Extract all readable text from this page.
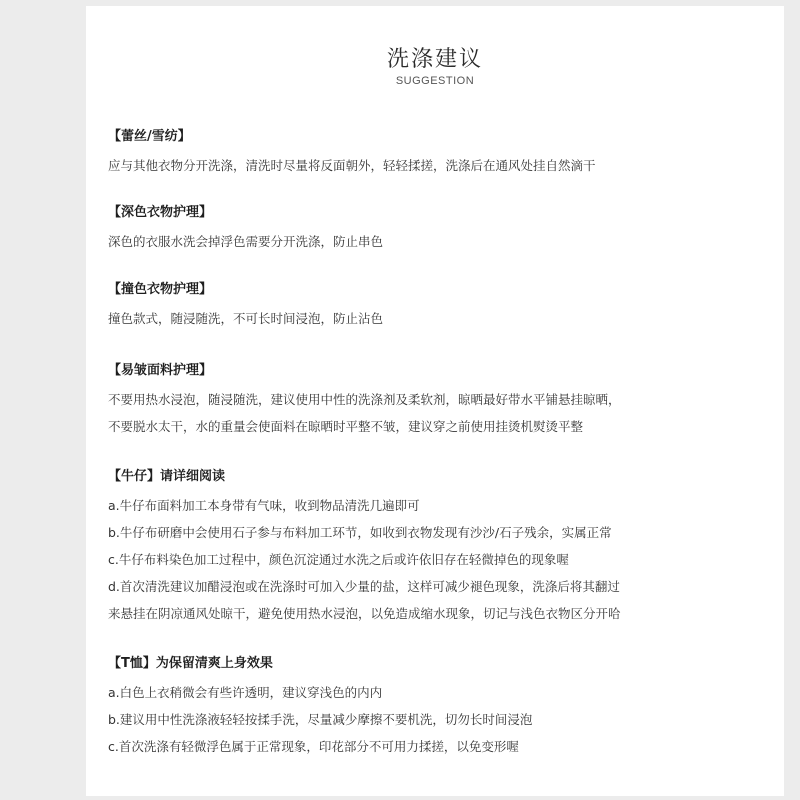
洗涤建议
SUGGESTION
【蕾丝/雪纺】
应与其他衣物分开洗涤，清洗时尽量将反面朝外，轻轻揉搓，洗涤后在通风处挂自然滴干
【深色衣物护理】
深色的衣服水洗会掉浮色需要分开洗涤，防止串色
【撞色衣物护理】
撞色款式，随浸随洗，不可长时间浸泡，防止沾色
【易皱面料护理】
不要用热水浸泡，随浸随洗，建议使用中性的洗涤剂及柔软剂，晾晒最好带水平铺悬挂晾晒，
不要脱水太干，水的重量会使面料在晾晒时平整不皱，建议穿之前使用挂烫机熨烫平整
【牛仔】请详细阅读
a.牛仔布面料加工本身带有气味，收到物品清洗几遍即可
b.牛仔布研磨中会使用石子参与布料加工环节，如收到衣物发现有沙沙/石子残余，实属正常
c.牛仔布料染色加工过程中，颜色沉淀通过水洗之后或许依旧存在轻微掉色的现象喔
d.首次清洗建议加醋浸泡或在洗涤时可加入少量的盐，这样可减少褪色现象，洗涤后将其翻过
来悬挂在阴凉通风处晾干，避免使用热水浸泡，以免造成缩水现象，切记与浅色衣物区分开哈
【T恤】为保留清爽上身效果
a.白色上衣稍微会有些许透明，建议穿浅色的内内
b.建议用中性洗涤液轻轻按揉手洗，尽量减少摩擦不要机洗，切勿长时间浸泡
c.首次洗涤有轻微浮色属于正常现象，印花部分不可用力揉搓，以免变形喔
